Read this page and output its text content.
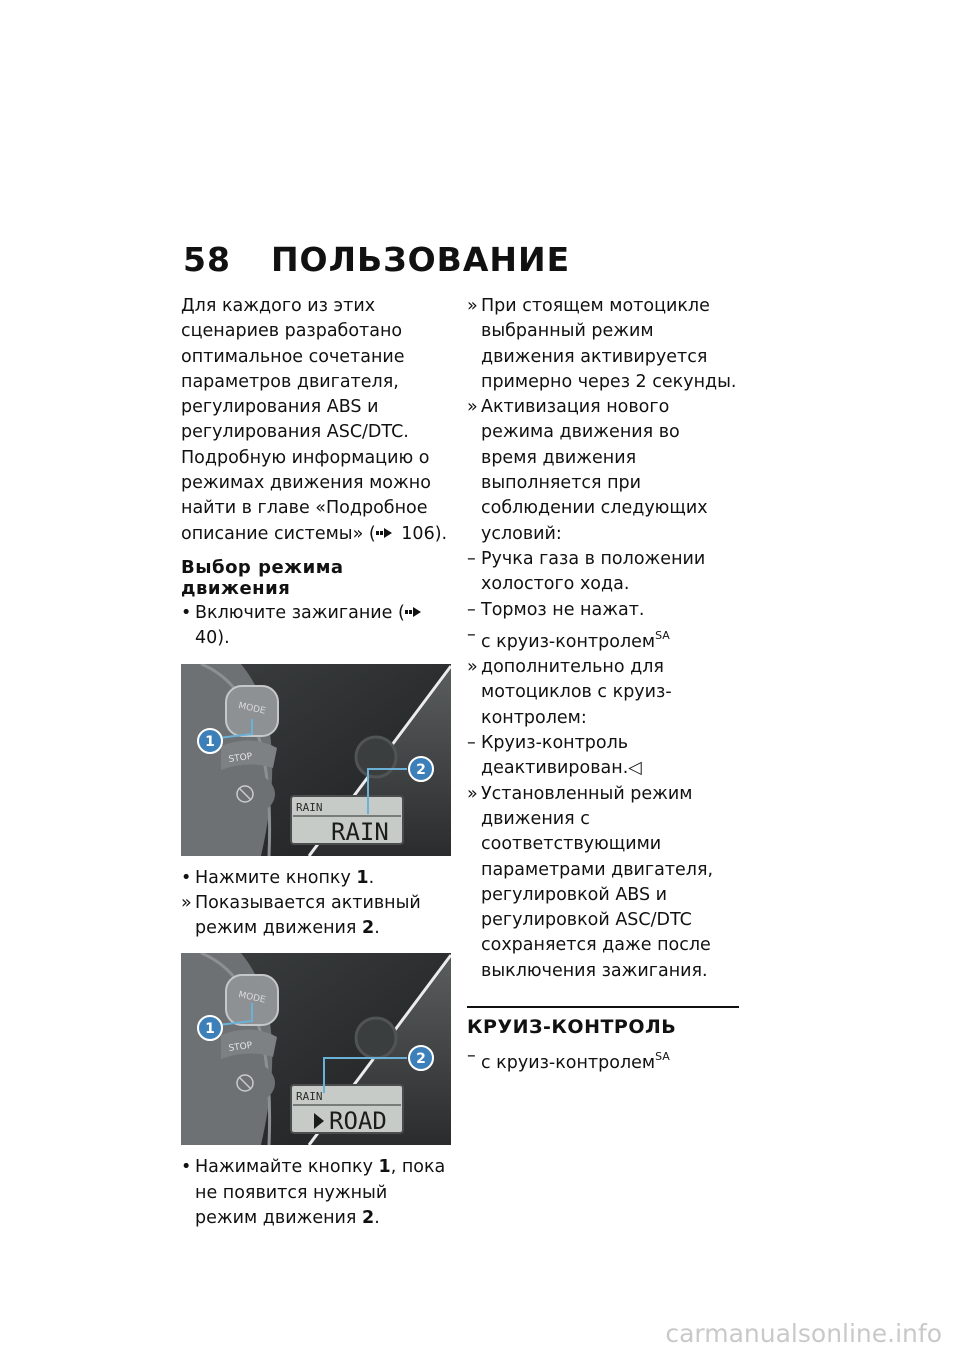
58 ПОЛЬЗОВАНИЕ

Для каждого из этих сценариев разработано оптимальное сочетание параметров двигателя, регулирования ABS и регулирования ASC/DTC. Подробную информацию о режимах движения можно найти в главе «Подробное описание системы» ( 106).

Выбор режима движения

• Включите зажигание ( 40).

MODE
STOP
RAIN
RAIN
1
2

• Нажмите кнопку 1.

» Показывается активный режим движения 2.

MODE
STOP
RAIN
ROAD
1
2

• Нажимайте кнопку 1, пока не появится нужный режим движения 2.

» При стоящем мотоцикле выбранный режим движения активируется примерно через 2 секунды.

» Активизация нового режима движения во время движения выполняется при соблюдении следующих условий:

– Ручка газа в положении холостого хода.

– Тормоз не нажат.

– с круиз-контролем$^{SA}$

» дополнительно для мотоциклов с круиз-контролем:

– Круиз-контроль деактивирован.◁

» Установленный режим движения с соответствующими параметрами двигателя, регулировкой ABS и регулировкой ASC/DTC сохраняется даже после выключения зажигания.

КРУИЗ-КОНТРОЛЬ

– с круиз-контролем$^{SA}$

carmanualsonline.info
